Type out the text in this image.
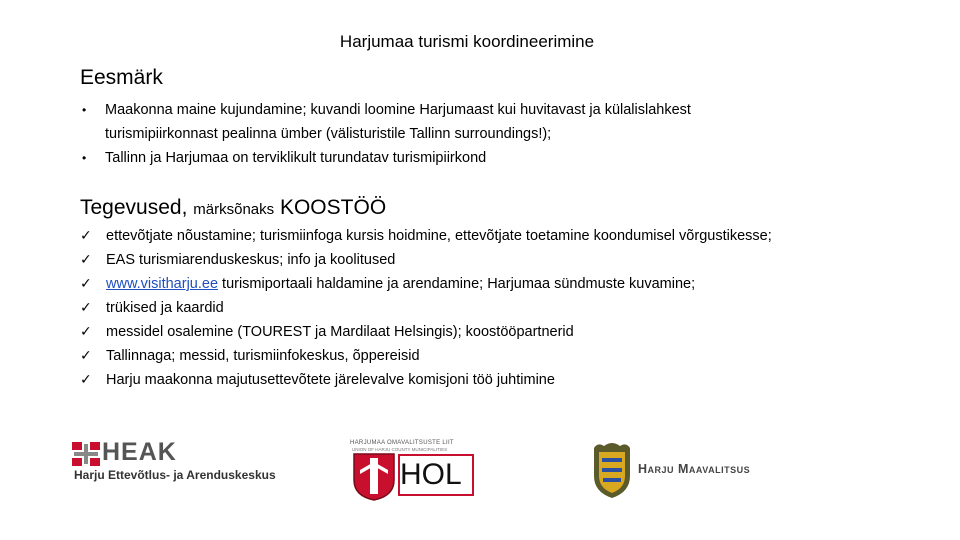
Harjumaa turismi koordineerimine
Eesmärk
• Maakonna maine kujundamine; kuvandi loomine Harjumaast kui huvitavast ja külalislahkest turismipiirkonnast pealinna ümber (välisturistile Tallinn surroundings!);
• Tallinn ja Harjumaa on terviklikult turundatav turismipiirkond
Tegevused, märksõnaks KOOSTÖÖ
✓ ettevõtjate nõustamine; turismiinfoga kursis hoidmine, ettevõtjate toetamine koondumisel võrgustikesse;
✓ EAS turismiarenduskeskus; info ja koolitused
✓ www.visitharju.ee turismiportaali haldamine ja arendamine; Harjumaa sündmuste kuvamine;
✓ trükised ja kaardid
✓ messidel osalemine (TOUREST ja Mardilaat Helsingis); koostööpartnerid
✓ Tallinnaga; messid, turismiinfokeskus, õppereisid
✓ Harju maakonna majutusettevõtete järelevalve komisjoni töö juhtimine
HEAK
Harju Ettevõtlus- ja Arenduskeskus
HARJUMAA OMAVALITSUSTE LIIT
UNION OF HARJU COUNTY MUNICIPALITIES
HOL	Harju Maavalitsus
